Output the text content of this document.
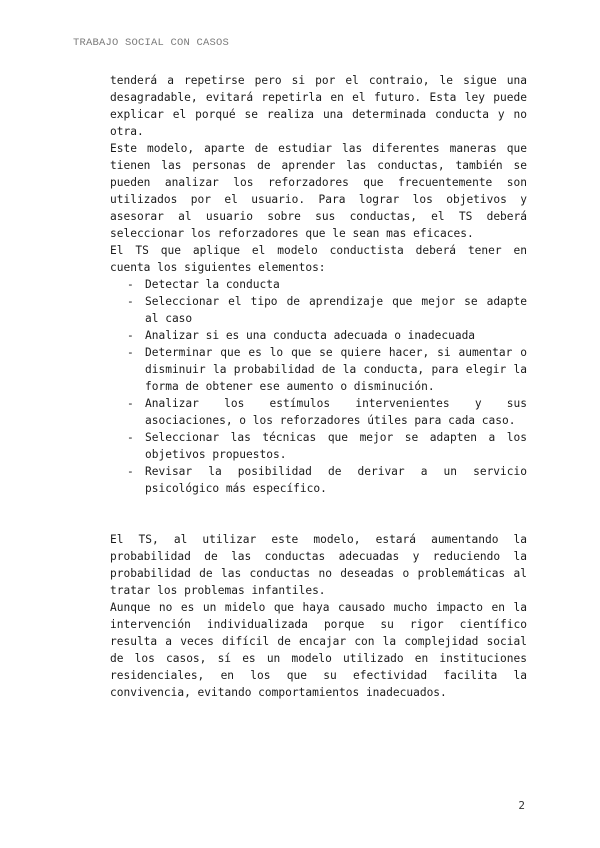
TRABAJO SOCIAL CON CASOS

tenderá a repetirse pero si por el contraio, le sigue una desagradable, evitará repetirla en el futuro. Esta ley puede explicar el porqué se realiza una determinada conducta y no otra.

Este modelo, aparte de estudiar las diferentes maneras que tienen las personas de aprender las conductas, también se pueden analizar los reforzadores que frecuentemente son utilizados por el usuario. Para lograr los objetivos y asesorar al usuario sobre sus conductas, el TS deberá seleccionar los reforzadores que le sean mas eficaces.

El TS que aplique el modelo conductista deberá tener en cuenta los siguientes elementos:

- Detectar la conducta
- Seleccionar el tipo de aprendizaje que mejor se adapte al caso
- Analizar si es una conducta adecuada o inadecuada
- Determinar que es lo que se quiere hacer, si aumentar o disminuir la probabilidad de la conducta, para elegir la forma de obtener ese aumento o disminución.
- Analizar los estímulos intervenientes y sus asociaciones, o los reforzadores útiles para cada caso.
- Seleccionar las técnicas que mejor se adapten a los objetivos propuestos.
- Revisar la posibilidad de derivar a un servicio psicológico más específico.

El TS, al utilizar este modelo, estará aumentando la probabilidad de las conductas adecuadas y reduciendo la probabilidad de las conductas no deseadas o problemáticas al tratar los problemas infantiles.

Aunque no es un midelo que haya causado mucho impacto en la intervención individualizada porque su rigor científico resulta a veces difícil de encajar con la complejidad social de los casos, sí es un modelo utilizado en instituciones residenciales, en los que su efectividad facilita la convivencia, evitando comportamientos inadecuados.

2
